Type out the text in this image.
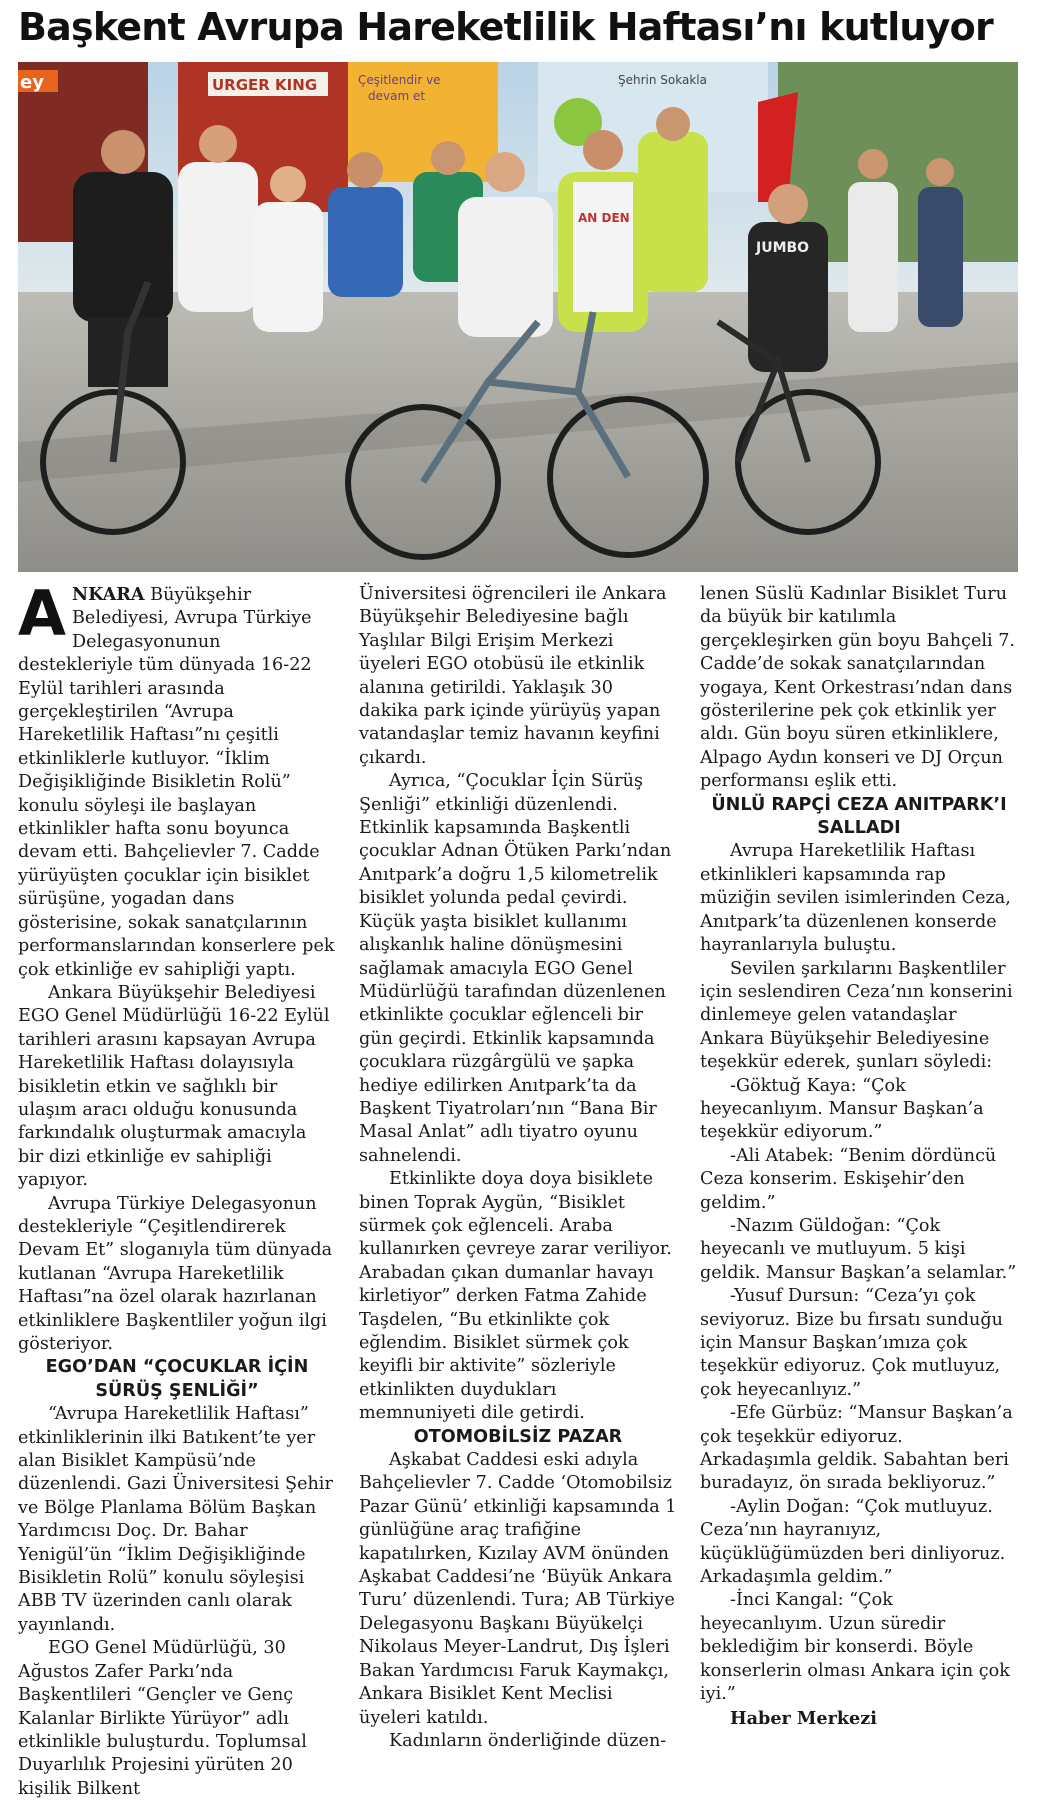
Başkent Avrupa Hareketlilik Haftası’nı kutluyor
ey	URGER KING	Çeşitlendir ve
devam et
Şehrin Sokakla
AN DEN
JUMBO

ANKARA Büyükşehir Belediyesi, Avrupa Türkiye Delegasyonunun destekleriyle tüm dünyada 16-22 Eylül tarihleri arasında gerçekleştirilen “Avrupa Hareketlilik Haftası”nı çeşitli etkinliklerle kutluyor. “İklim Değişikliğinde Bisikletin Rolü” konulu söyleşi ile başlayan etkinlikler hafta sonu boyunca devam etti. Bahçelievler 7. Cadde yürüyüşten çocuklar için bisiklet sürüşüne, yogadan dans gösterisine, sokak sanatçılarının performanslarından konserlere pek çok etkinliğe ev sahipliği yaptı.

Ankara Büyükşehir Belediyesi EGO Genel Müdürlüğü 16-22 Eylül tarihleri arasını kapsayan Avrupa Hareketlilik Haftası dolayısıyla bisikletin etkin ve sağlıklı bir ulaşım aracı olduğu konusunda farkındalık oluşturmak amacıyla bir dizi etkinliğe ev sahipliği yapıyor.

Avrupa Türkiye Delegasyonun destekleriyle “Çeşitlendirerek Devam Et” sloganıyla tüm dünyada kutlanan “Avrupa Hareketlilik Haftası”na özel olarak hazırlanan etkinliklere Başkentliler yoğun ilgi gösteriyor.

EGO’DAN “ÇOCUKLAR İÇİN SÜRÜŞ ŞENLİĞİ”

“Avrupa Hareketlilik Haftası” etkinliklerinin ilki Batıkent’te yer alan Bisiklet Kampüsü’nde düzenlendi. Gazi Üniversitesi Şehir ve Bölge Planlama Bölüm Başkan Yardımcısı Doç. Dr. Bahar Yenigül’ün “İklim Değişikliğinde Bisikletin Rolü” konulu söyleşisi ABB TV üzerinden canlı olarak yayınlandı.

EGO Genel Müdürlüğü, 30 Ağustos Zafer Parkı’nda Başkentlileri “Gençler ve Genç Kalanlar Birlikte Yürüyor” adlı etkinlikle buluşturdu. Toplumsal Duyarlılık Projesini yürüten 20 kişilik Bilkent

Üniversitesi öğrencileri ile Ankara Büyükşehir Belediyesine bağlı Yaşlılar Bilgi Erişim Merkezi üyeleri EGO otobüsü ile etkinlik alanına getirildi. Yaklaşık 30 dakika park içinde yürüyüş yapan vatandaşlar temiz havanın keyfini çıkardı.

Ayrıca, “Çocuklar İçin Sürüş Şenliği” etkinliği düzenlendi. Etkinlik kapsamında Başkentli çocuklar Adnan Ötüken Parkı’ndan Anıtpark’a doğru 1,5 kilometrelik bisiklet yolunda pedal çevirdi. Küçük yaşta bisiklet kullanımı alışkanlık haline dönüşmesini sağlamak amacıyla EGO Genel Müdürlüğü tarafından düzenlenen etkinlikte çocuklar eğlenceli bir gün geçirdi. Etkinlik kapsamında çocuklara rüzgârgülü ve şapka hediye edilirken Anıtpark’ta da Başkent Tiyatroları’nın “Bana Bir Masal Anlat” adlı tiyatro oyunu sahnelendi.

Etkinlikte doya doya bisiklete binen Toprak Aygün, “Bisiklet sürmek çok eğlenceli. Araba kullanırken çevreye zarar veriliyor. Arabadan çıkan dumanlar havayı kirletiyor” derken Fatma Zahide Taşdelen, “Bu etkinlikte çok eğlendim. Bisiklet sürmek çok keyifli bir aktivite” sözleriyle etkinlikten duydukları memnuniyeti dile getirdi.

OTOMOBİLSİZ PAZAR

Aşkabat Caddesi eski adıyla Bahçelievler 7. Cadde ‘Otomobilsiz Pazar Günü’ etkinliği kapsamında 1 günlüğüne araç trafiğine kapatılırken, Kızılay AVM önünden Aşkabat Caddesi’ne ‘Büyük Ankara Turu’ düzenlendi. Tura; AB Türkiye Delegasyonu Başkanı Büyükelçi Nikolaus Meyer-Landrut, Dış İşleri Bakan Yardımcısı Faruk Kaymakçı, Ankara Bisiklet Kent Meclisi üyeleri katıldı.

Kadınların önderliğinde düzen-

lenen Süslü Kadınlar Bisiklet Turu da büyük bir katılımla gerçekleşirken gün boyu Bahçeli 7. Cadde’de sokak sanatçılarından yogaya, Kent Orkestrası’ndan dans gösterilerine pek çok etkinlik yer aldı. Gün boyu süren etkinliklere, Alpago Aydın konseri ve DJ Orçun performansı eşlik etti.

ÜNLÜ RAPÇİ CEZA ANITPARK’I SALLADI

Avrupa Hareketlilik Haftası etkinlikleri kapsamında rap müziğin sevilen isimlerinden Ceza, Anıtpark’ta düzenlenen konserde hayranlarıyla buluştu.

Sevilen şarkılarını Başkentliler için seslendiren Ceza’nın konserini dinlemeye gelen vatandaşlar Ankara Büyükşehir Belediyesine teşekkür ederek, şunları söyledi:

-Göktuğ Kaya: “Çok heyecanlıyım. Mansur Başkan’a teşekkür ediyorum.”

-Ali Atabek: “Benim dördüncü Ceza konserim. Eskişehir’den geldim.”

-Nazım Güldoğan: “Çok heyecanlı ve mutluyum. 5 kişi geldik. Mansur Başkan’a selamlar.”

-Yusuf Dursun: “Ceza’yı çok seviyoruz. Bize bu fırsatı sunduğu için Mansur Başkan’ımıza çok teşekkür ediyoruz. Çok mutluyuz, çok heyecanlıyız.”

-Efe Gürbüz: “Mansur Başkan’a çok teşekkür ediyoruz. Arkadaşımla geldik. Sabahtan beri buradayız, ön sırada bekliyoruz.”

-Aylin Doğan: “Çok mutluyuz. Ceza’nın hayranıyız, küçüklüğümüzden beri dinliyoruz. Arkadaşımla geldim.”

-İnci Kangal: “Çok heyecanlıyım. Uzun süredir beklediğim bir konserdi. Böyle konserlerin olması Ankara için çok iyi.”

Haber Merkezi
